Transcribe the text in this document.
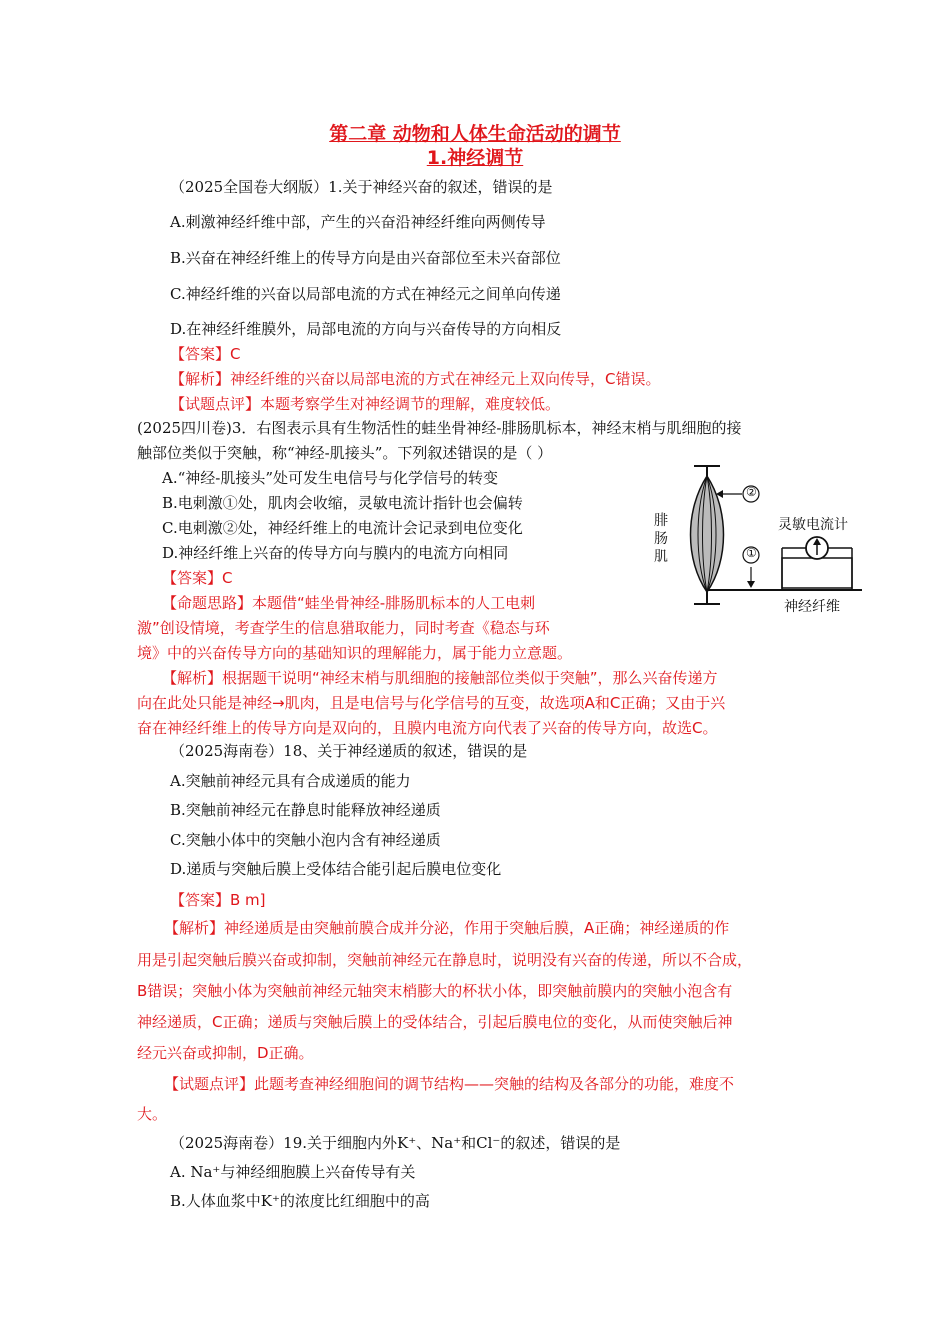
第二章 动物和人体生命活动的调节
1.神经调节
（2025全国卷大纲版）1.关于神经兴奋的叙述，错误的是
A.刺激神经纤维中部，产生的兴奋沿神经纤维向两侧传导
B.兴奋在神经纤维上的传导方向是由兴奋部位至未兴奋部位
C.神经纤维的兴奋以局部电流的方式在神经元之间单向传递
D.在神经纤维膜外，局部电流的方向与兴奋传导的方向相反
【答案】C
【解析】神经纤维的兴奋以局部电流的方式在神经元上双向传导，C错误。
【试题点评】本题考察学生对神经调节的理解，难度较低。
(2025四川卷)3．右图表示具有生物活性的蛙坐骨神经-腓肠肌标本，神经末梢与肌细胞的接
触部位类似于突触，称“神经-肌接头”。下列叙述错误的是（ ）
A.“神经-肌接头”处可发生电信号与化学信号的转变
B.电刺激①处，肌肉会收缩，灵敏电流计指针也会偏转
C.电刺激②处，神经纤维上的电流计会记录到电位变化
D.神经纤维上兴奋的传导方向与膜内的电流方向相同
【答案】C
【命题思路】本题借“蛙坐骨神经-腓肠肌标本的人工电刺
激”创设情境，考查学生的信息猎取能力，同时考查《稳态与环
境》中的兴奋传导方向的基础知识的理解能力，属于能力立意题。
【解析】根据题干说明“神经末梢与肌细胞的接触部位类似于突触”，那么兴奋传递方
向在此处只能是神经→肌肉，且是电信号与化学信号的互变，故选项A和C正确；又由于兴
奋在神经纤维上的传导方向是双向的，且膜内电流方向代表了兴奋的传导方向，故选C。
②
①
腓
肠
肌
灵敏电流计
神经纤维
（2025海南卷）18、关于神经递质的叙述，错误的是
A.突触前神经元具有合成递质的能力
B.突触前神经元在静息时能释放神经递质
C.突触小体中的突触小泡内含有神经递质
D.递质与突触后膜上受体结合能引起后膜电位变化
【答案】B m]
【解析】神经递质是由突触前膜合成并分泌，作用于突触后膜，A正确；神经递质的作
用是引起突触后膜兴奋或抑制，突触前神经元在静息时，说明没有兴奋的传递，所以不合成，
B错误；突触小体为突触前神经元轴突末梢膨大的杯状小体，即突触前膜内的突触小泡含有
神经递质，C正确；递质与突触后膜上的受体结合，引起后膜电位的变化，从而使突触后神
经元兴奋或抑制，D正确。
【试题点评】此题考查神经细胞间的调节结构——突触的结构及各部分的功能，难度不
大。
（2025海南卷）19.关于细胞内外K⁺、Na⁺和Cl⁻的叙述，错误的是
A. Na⁺与神经细胞膜上兴奋传导有关
B.人体血浆中K⁺的浓度比红细胞中的高
